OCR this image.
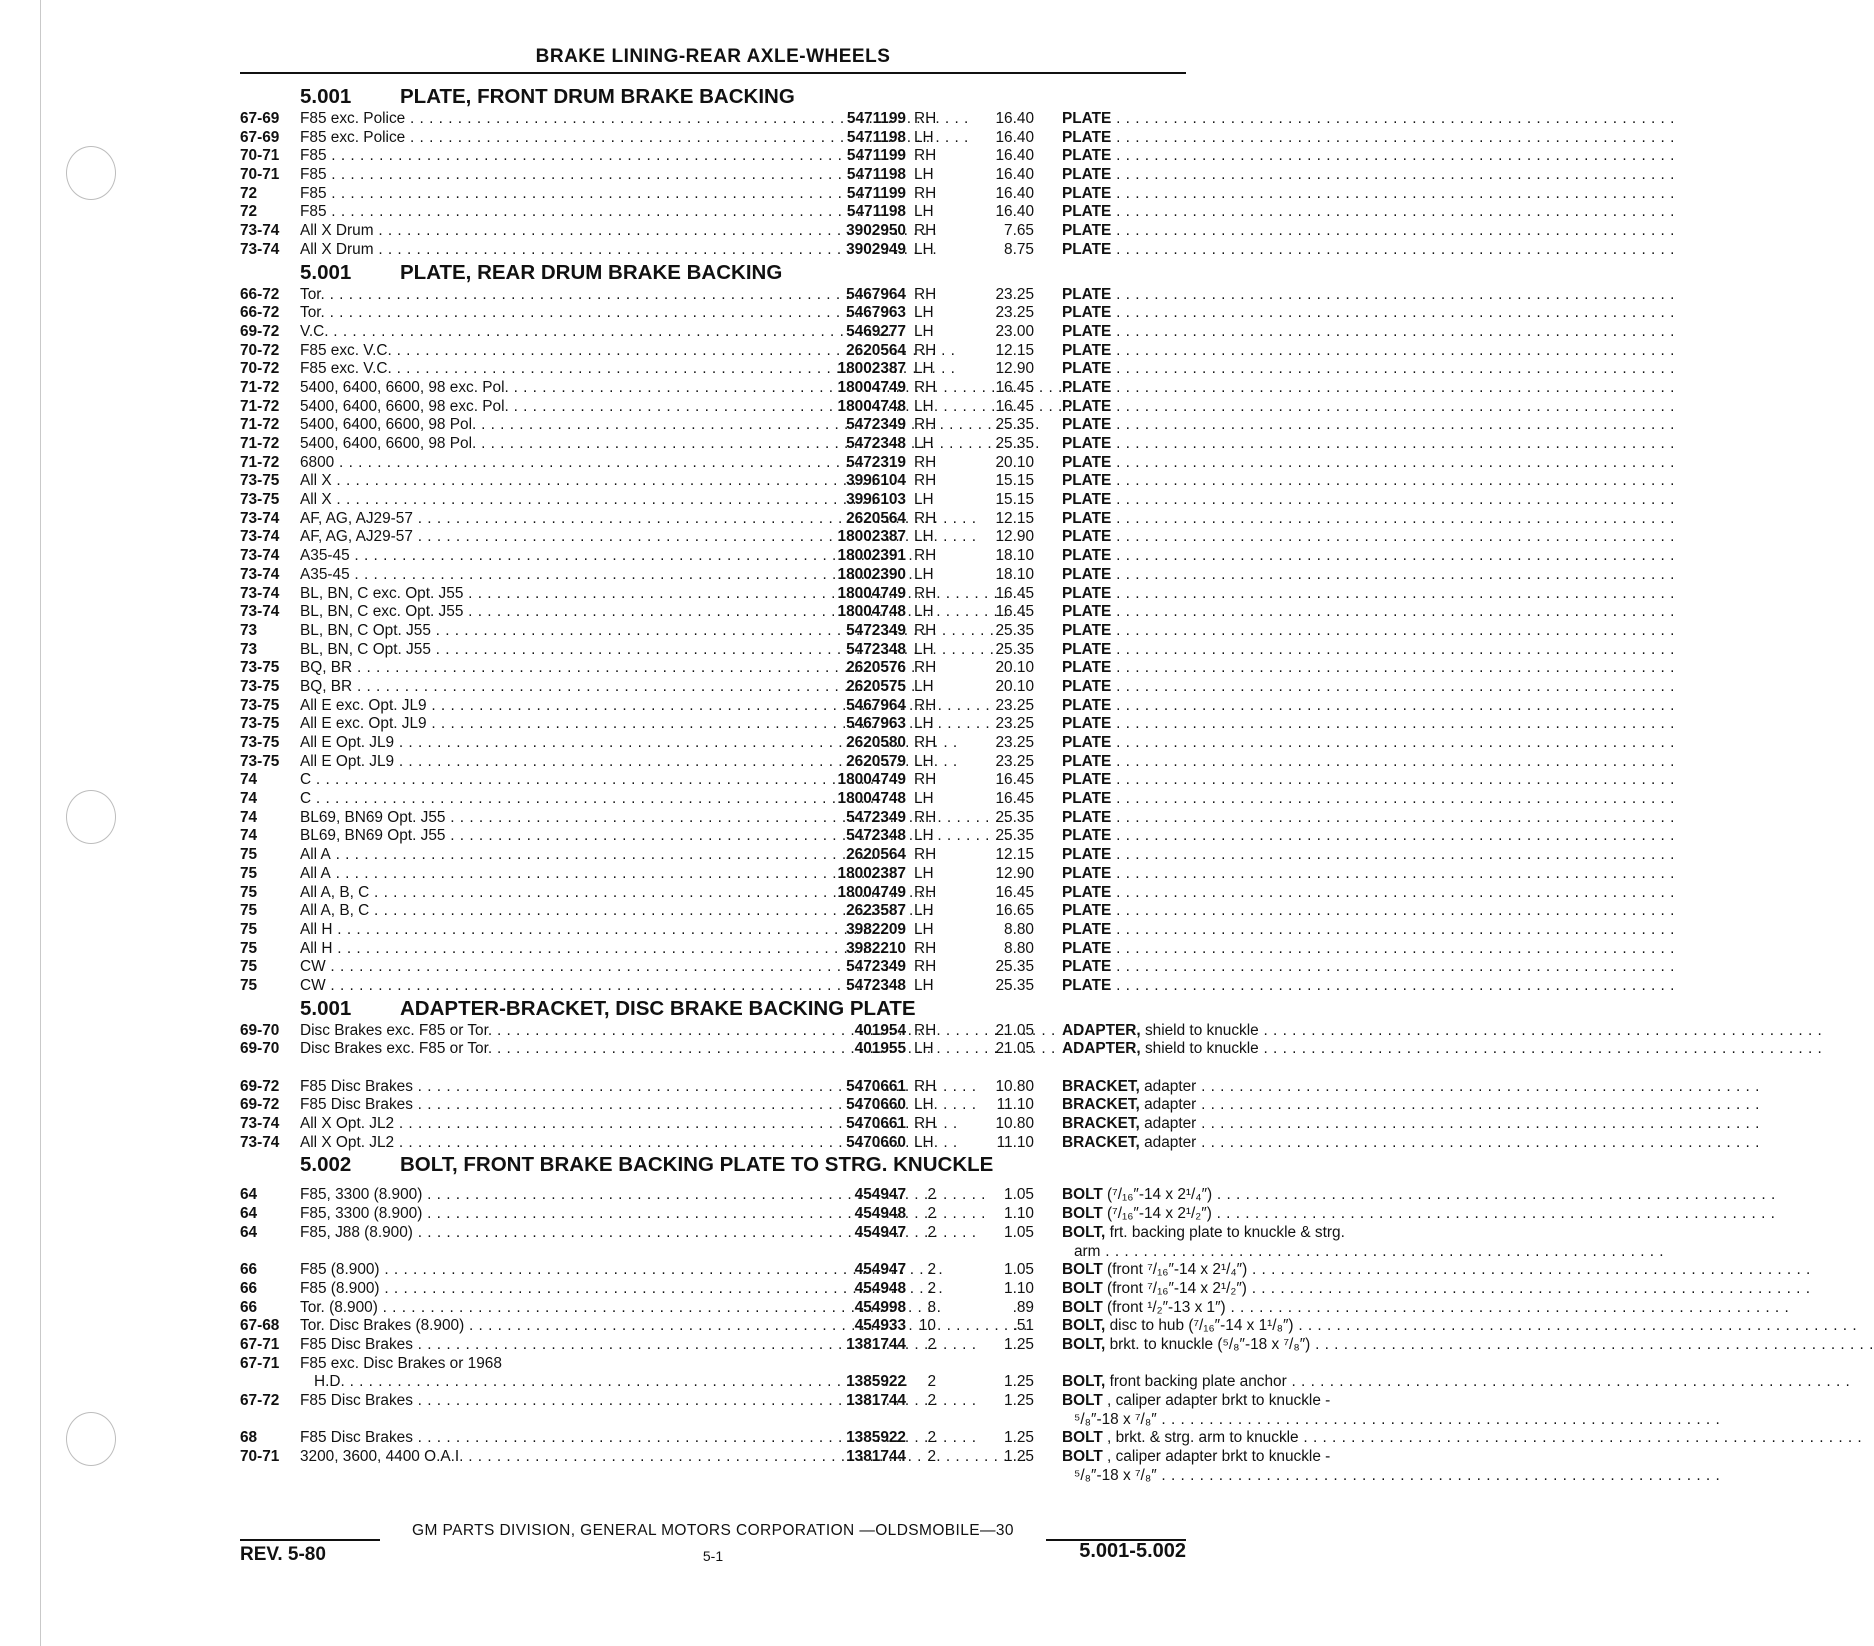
BRAKE LINING-REAR AXLE-WHEELS
5.001 PLATE, FRONT DRUM BRAKE BACKING
67-69	F85 exc. Police . . .	5471199 RH	16.40 PLATE . . .
67-69	F85 exc. Police . . .	5471198 LH	16.40 PLATE . . .
70-71	F85 . . .	5471199 RH	16.40 PLATE . . .
70-71	F85 . . .	5471198 LH	16.40 PLATE . . .
72	F85 . . .	5471199 RH	16.40 PLATE . . .
72	F85 . . .	5471198 LH	16.40 PLATE . . .
73-74	All X Drum . . .	3902950 RH	7.65 PLATE . . .
73-74	All X Drum . . .	3902949 LH	8.75 PLATE . . .
5.001 PLATE, REAR DRUM BRAKE BACKING
66-72	Tor. . . .	5467964 RH	23.25 PLATE . . .
66-72	Tor. . . .	5467963 LH	23.25 PLATE . . .
69-72	V.C. . . .	5469277 LH	23.00 PLATE . . .
70-72	F85 exc. V.C. . . .	2620564 RH	12.15 PLATE . . .
70-72	F85 exc. V.C. . . .	18002387 LH	12.90 PLATE . . .
71-72	5400, 6400, 6600, 98 exc. Pol. . . .	18004749 RH	16.45 PLATE . . .
71-72	5400, 6400, 6600, 98 exc. Pol. . . .	18004748 LH	16.45 PLATE . . .
71-72	5400, 6400, 6600, 98 Pol. . . .	5472349 RH	25.35 PLATE . . .
71-72	5400, 6400, 6600, 98 Pol. . . .	5472348 LH	25.35 PLATE . . .
71-72	6800 . . .	5472319 RH	20.10 PLATE . . .
73-75	All X . . .	3996104 RH	15.15 PLATE . . .
73-75	All X . . .	3996103 LH	15.15 PLATE . . .
73-74	AF, AG, AJ29-57 . . .	2620564 RH	12.15 PLATE . . .
73-74	AF, AG, AJ29-57 . . .	18002387 LH	12.90 PLATE . . .
73-74	A35-45 . . .	18002391 RH	18.10 PLATE . . .
73-74	A35-45 . . .	18002390 LH	18.10 PLATE . . .
73-74	BL, BN, C exc. Opt. J55 . . .	18004749 RH	16.45 PLATE . . .
73-74	BL, BN, C exc. Opt. J55 . . .	18004748 LH	16.45 PLATE . . .
73	BL, BN, C Opt. J55 . . .	5472349 RH	25.35 PLATE . . .
73	BL, BN, C Opt. J55 . . .	5472348 LH	25.35 PLATE . . .
73-75	BQ, BR . . .	2620576 RH	20.10 PLATE . . .
73-75	BQ, BR . . .	2620575 LH	20.10 PLATE . . .
73-75	All E exc. Opt. JL9 . . .	5467964 RH	23.25 PLATE . . .
73-75	All E exc. Opt. JL9 . . .	5467963 LH	23.25 PLATE . . .
73-75	All E Opt. JL9 . . .	2620580 RH	23.25 PLATE . . .
73-75	All E Opt. JL9 . . .	2620579 LH	23.25 PLATE . . .
74	C . . .	18004749 RH	16.45 PLATE . . .
74	C . . .	18004748 LH	16.45 PLATE . . .
74	BL69, BN69 Opt. J55 . . .	5472349 RH	25.35 PLATE . . .
74	BL69, BN69 Opt. J55 . . .	5472348 LH	25.35 PLATE . . .
75	All A . . .	2620564 RH	12.15 PLATE . . .
75	All A . . .	18002387 LH	12.90 PLATE . . .
75	All A, B, C . . .	18004749 RH	16.45 PLATE . . .
75	All A, B, C . . .	2623587 LH	16.65 PLATE . . .
75	All H . . .	3982209 LH	8.80 PLATE . . .
75	All H . . .	3982210 RH	8.80 PLATE . . .
75	CW . . .	5472349 RH	25.35 PLATE . . .
75	CW . . .	5472348 LH	25.35 PLATE . . .
5.001 ADAPTER-BRACKET, DISC BRAKE BACKING PLATE
69-70	Disc Brakes exc. F85 or Tor. . . .	401954 RH	21.05 ADAPTER, shield to knuckle . . .
69-70	Disc Brakes exc. F85 or Tor. . . .	401955 LH	21.05 ADAPTER, shield to knuckle . . .
69-72	F85 Disc Brakes . . .	5470661 RH	10.80 BRACKET, adapter . . .
69-72	F85 Disc Brakes . . .	5470660 LH	11.10 BRACKET, adapter . . .
73-74	All X Opt. JL2 . . .	5470661 RH	10.80 BRACKET, adapter . . .
73-74	All X Opt. JL2 . . .	5470660 LH	11.10 BRACKET, adapter . . .
5.002 BOLT, FRONT BRAKE BACKING PLATE TO STRG. KNUCKLE
64	F85, 3300 (8.900) . . .	454947	2	1.05 BOLT (⁷/₁₆″-14 x 2¹/₄″) . . .
64	F85, 3300 (8.900) . . .	454948	2	1.10 BOLT (⁷/₁₆″-14 x 2¹/₂″) . . .
64	F85, J88 (8.900) . . .	454947	2	1.05 BOLT, frt. backing plate to knuckle & strg.
arm . . .
66	F85 (8.900) . . .	454947	2	1.05 BOLT (front ⁷/₁₆″-14 x 2¹/₄″) . . .
66	F85 (8.900) . . .	454948	2	1.10 BOLT (front ⁷/₁₆″-14 x 2¹/₂″) . . .
66	Tor. (8.900) . . .	454998	8	.89 BOLT (front ¹/₂″-13 x 1″) . . .
67-68	Tor. Disc Brakes (8.900) . . .	454933 10	.51 BOLT, disc to hub (⁷/₁₆″-14 x 1¹/₈″) . . .
67-71	F85 Disc Brakes . . .	1381744	2	1.25 BOLT, brkt. to knuckle (⁵/₈″-18 x ⁷/₈″) . . .
67-71	F85 exc. Disc Brakes or 1968
H.D. . . .	1385922	2	1.25 BOLT, front backing plate anchor . . .
67-72	F85 Disc Brakes . . .	1381744	2	1.25 BOLT , caliper adapter brkt to knuckle -
⁵/₈″-18 x ⁷/₈″ . . .
68	F85 Disc Brakes . . .	1385922	2	1.25 BOLT , brkt. & strg. arm to knuckle . . .
70-71	3200, 3600, 4400 O.A.I. . . .	1381744	2	1.25 BOLT , caliper adapter brkt to knuckle -
⁵/₈″-18 x ⁷/₈″ . . .
GM PARTS DIVISION, GENERAL MOTORS CORPORATION —OLDSMOBILE—30
REV. 5-80	5-1	5.001-5.002
